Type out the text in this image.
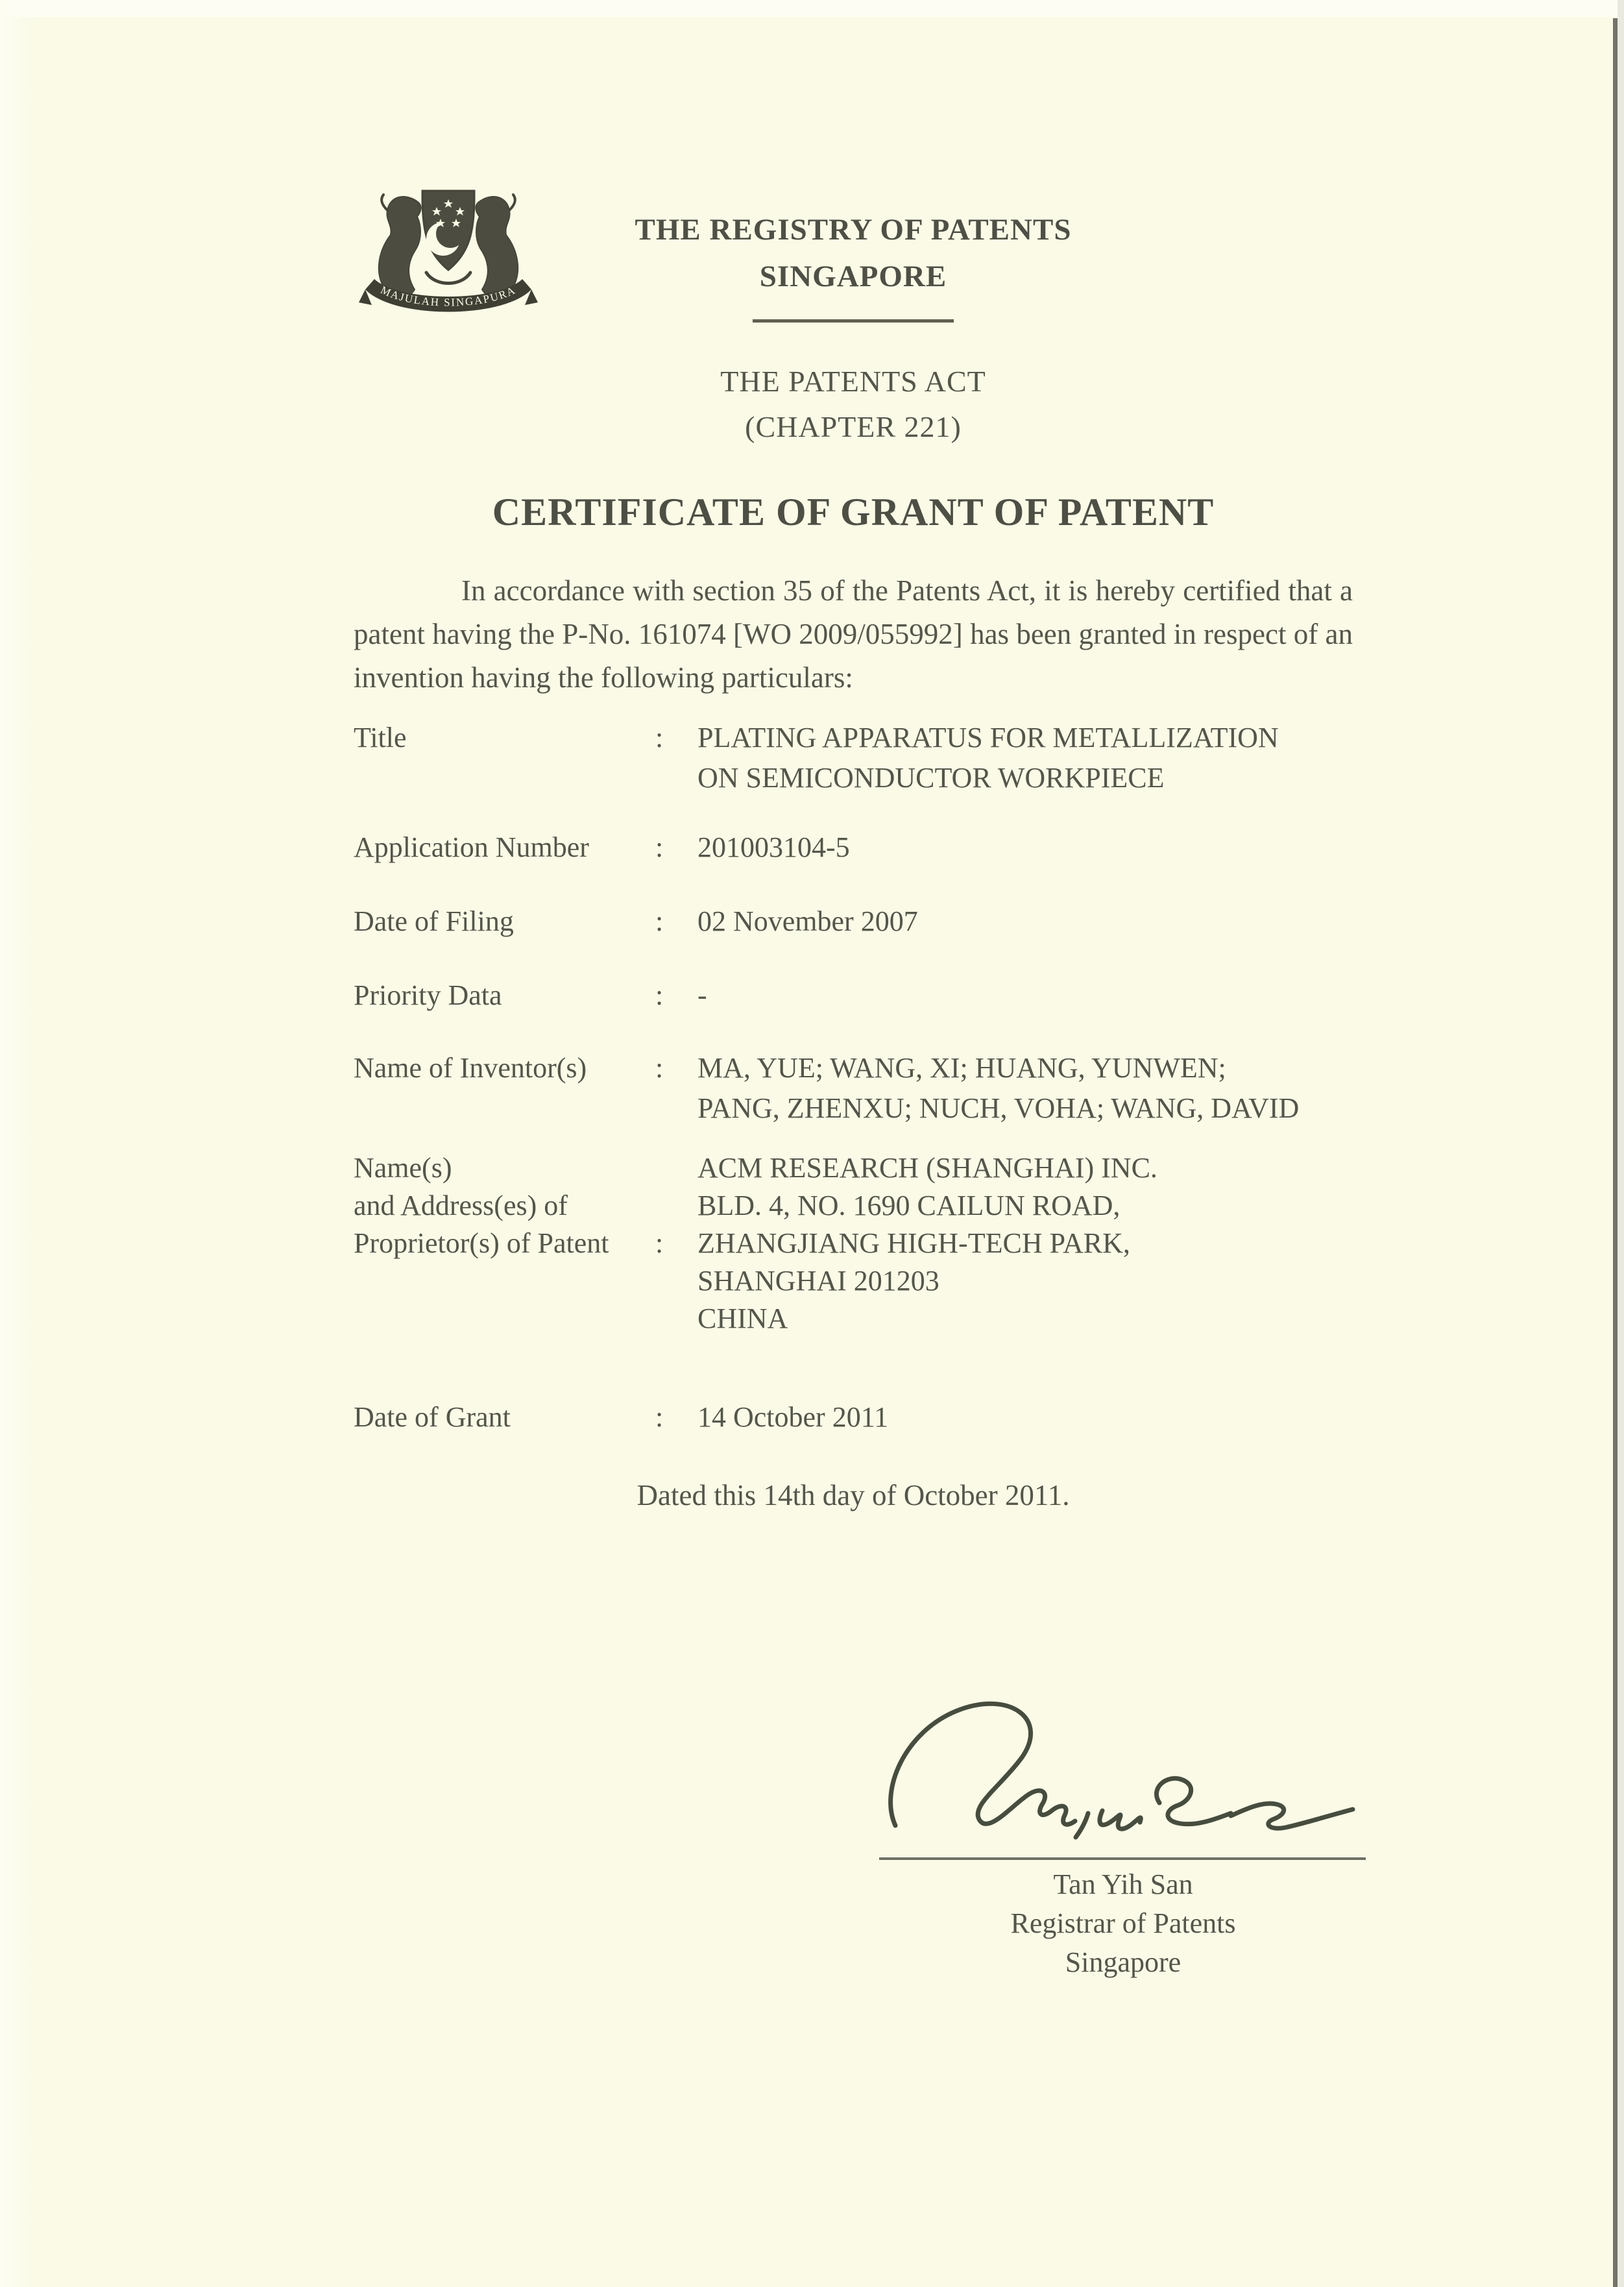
MAJULAH SINGAPURA
THE REGISTRY OF PATENTS
SINGAPORE
THE PATENTS ACT
(CHAPTER 221)
CERTIFICATE OF GRANT OF PATENT
In accordance with section 35 of the Patents Act, it is hereby certified that a patent having the P-No. 161074 [WO 2009/055992] has been granted in respect of an invention having the following particulars:
Title	:	PLATING APPARATUS FOR METALLIZATION
ON SEMICONDUCTOR WORKPIECE
Application Number	:	201003104-5
Date of Filing	:	02 November 2007
Priority Data	:	-
Name of Inventor(s)	:	MA, YUE; WANG, XI; HUANG, YUNWEN;
PANG, ZHENXU; NUCH, VOHA; WANG, DAVID
Name(s)
and Address(es) of
Proprietor(s) of Patent	:
ACM RESEARCH (SHANGHAI) INC.
BLD. 4, NO. 1690 CAILUN ROAD,
ZHANGJIANG HIGH-TECH PARK,
SHANGHAI 201203
CHINA
Date of Grant	:	14 October 2011
Dated this 14th day of October 2011.
Tan Yih San
Registrar of Patents
Singapore
